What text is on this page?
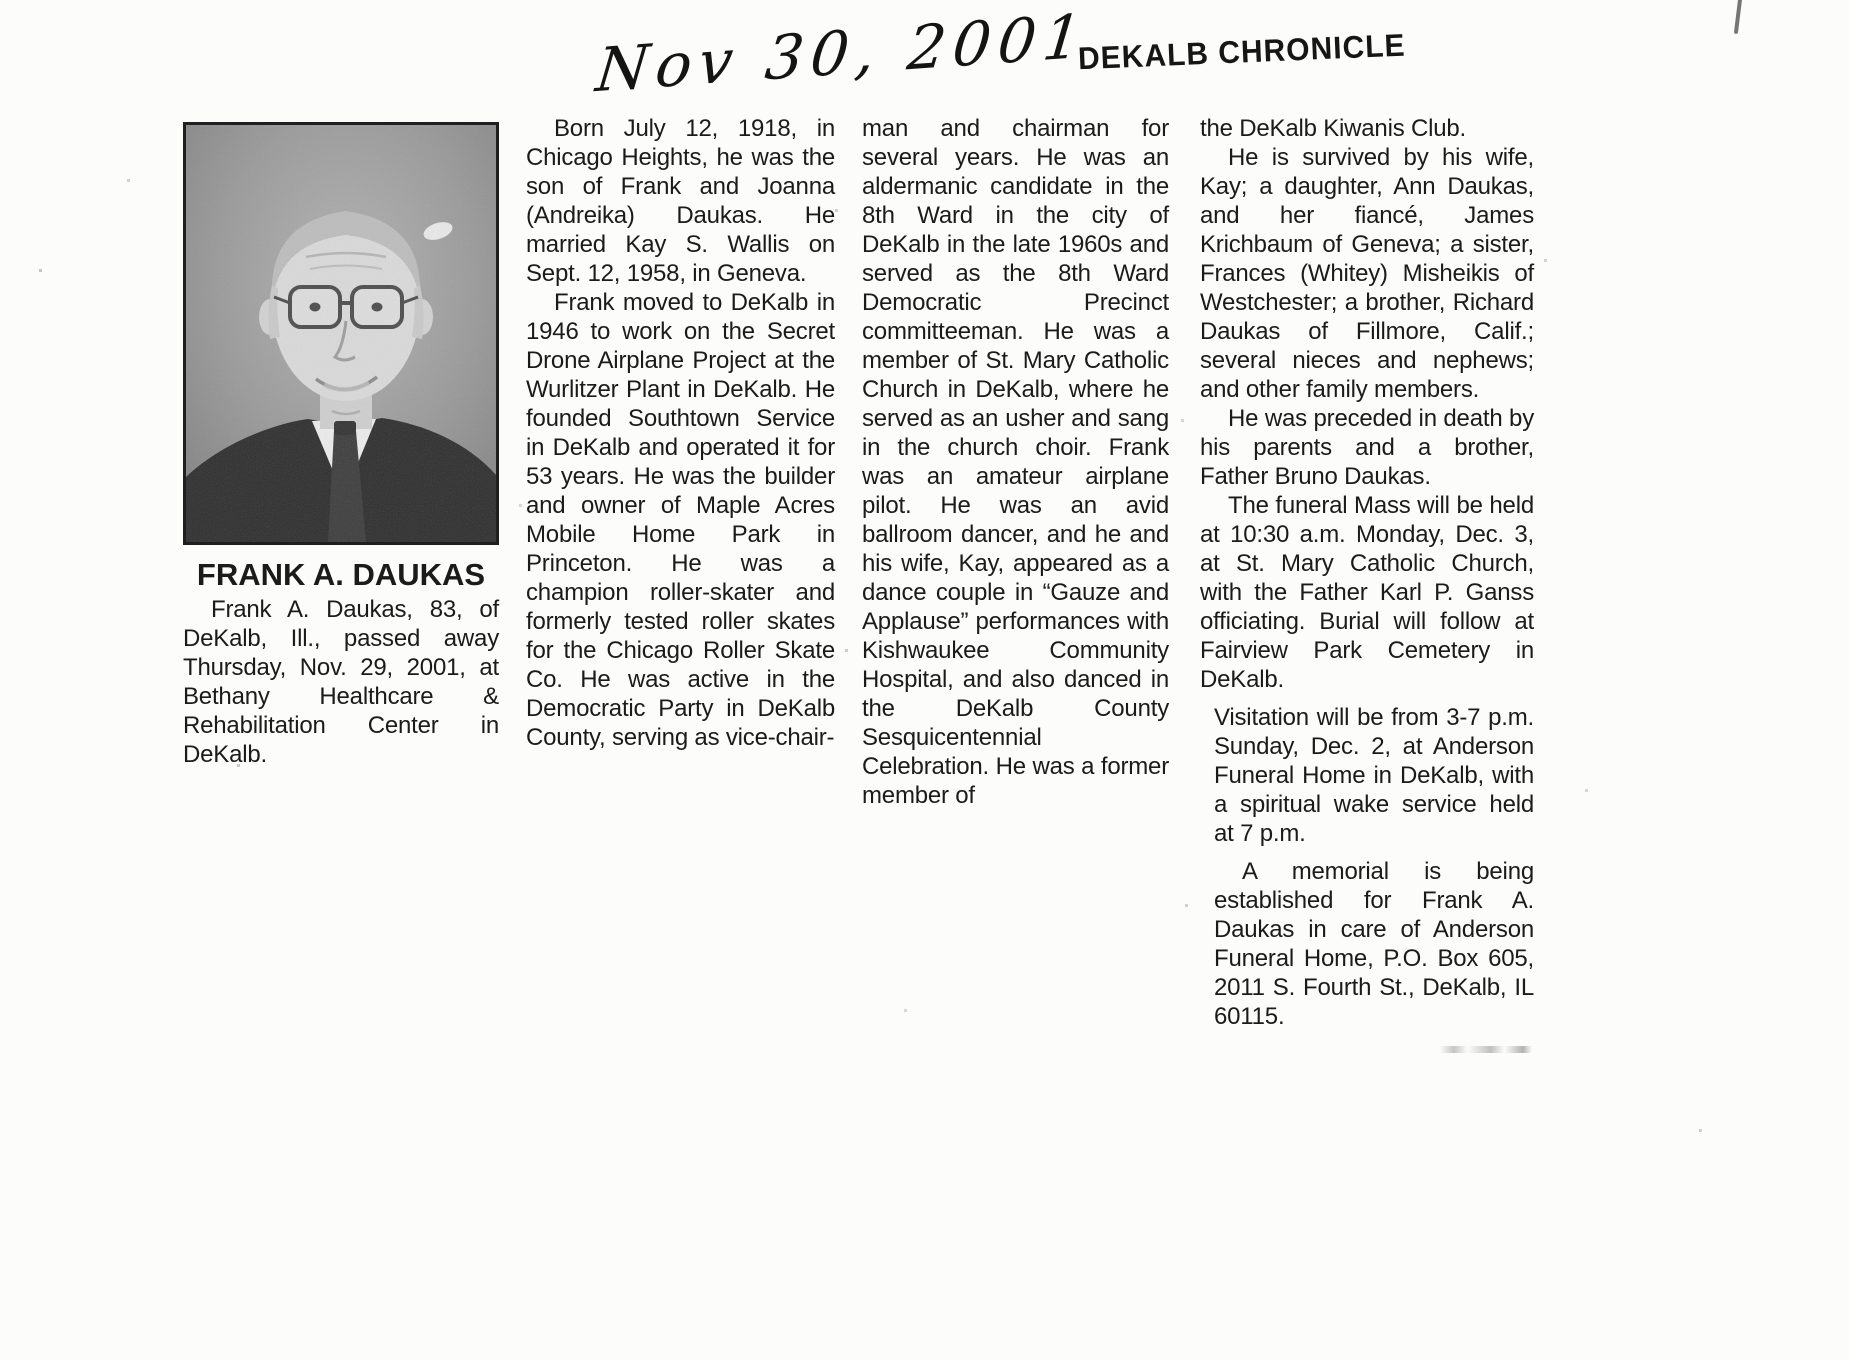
Nov 30, 2001
DEKALB CHRONICLE
FRANK A. DAUKAS

Frank A. Daukas, 83, of DeKalb, Ill., passed away Thursday, Nov. 29, 2001, at Bethany Healthcare & Rehabilitation Center in DeKalb.

Born July 12, 1918, in Chicago Heights, he was the son of Frank and Joanna (Andreika) Daukas. He married Kay S. Wallis on Sept. 12, 1958, in Geneva.

Frank moved to DeKalb in 1946 to work on the Secret Drone Airplane Project at the Wurlitzer Plant in DeKalb. He founded Southtown Service in DeKalb and operated it for 53 years. He was the builder and owner of Maple Acres Mobile Home Park in Princeton. He was a champion roller-skater and formerly tested roller skates for the Chicago Roller Skate Co. He was active in the Democratic Party in DeKalb County, serving as vice-chair-

man and chairman for several years. He was an aldermanic candidate in the 8th Ward in the city of DeKalb in the late 1960s and served as the 8th Ward Democratic Precinct committeeman. He was a member of St. Mary Catholic Church in DeKalb, where he served as an usher and sang in the church choir. Frank was an amateur airplane pilot. He was an avid ballroom dancer, and he and his wife, Kay, appeared as a dance couple in “Gauze and Applause” performances with Kishwaukee Community Hospital, and also danced in the DeKalb County Sesquicentennial Celebration. He was a former member of

the DeKalb Kiwanis Club.

He is survived by his wife, Kay; a daughter, Ann Daukas, and her fiancé, James Krichbaum of Geneva; a sister, Frances (Whitey) Misheikis of Westchester; a brother, Richard Daukas of Fillmore, Calif.; several nieces and nephews; and other family members.

He was preceded in death by his parents and a brother, Father Bruno Daukas.

The funeral Mass will be held at 10:30 a.m. Monday, Dec. 3, at St. Mary Catholic Church, with the Father Karl P. Ganss officiating. Burial will follow at Fairview Park Cemetery in DeKalb.

Visitation will be from 3-7 p.m. Sunday, Dec. 2, at Anderson Funeral Home in DeKalb, with a spiritual wake service held at 7 p.m.

A memorial is being established for Frank A. Daukas in care of Anderson Funeral Home, P.O. Box 605, 2011 S. Fourth St., DeKalb, IL 60115.
